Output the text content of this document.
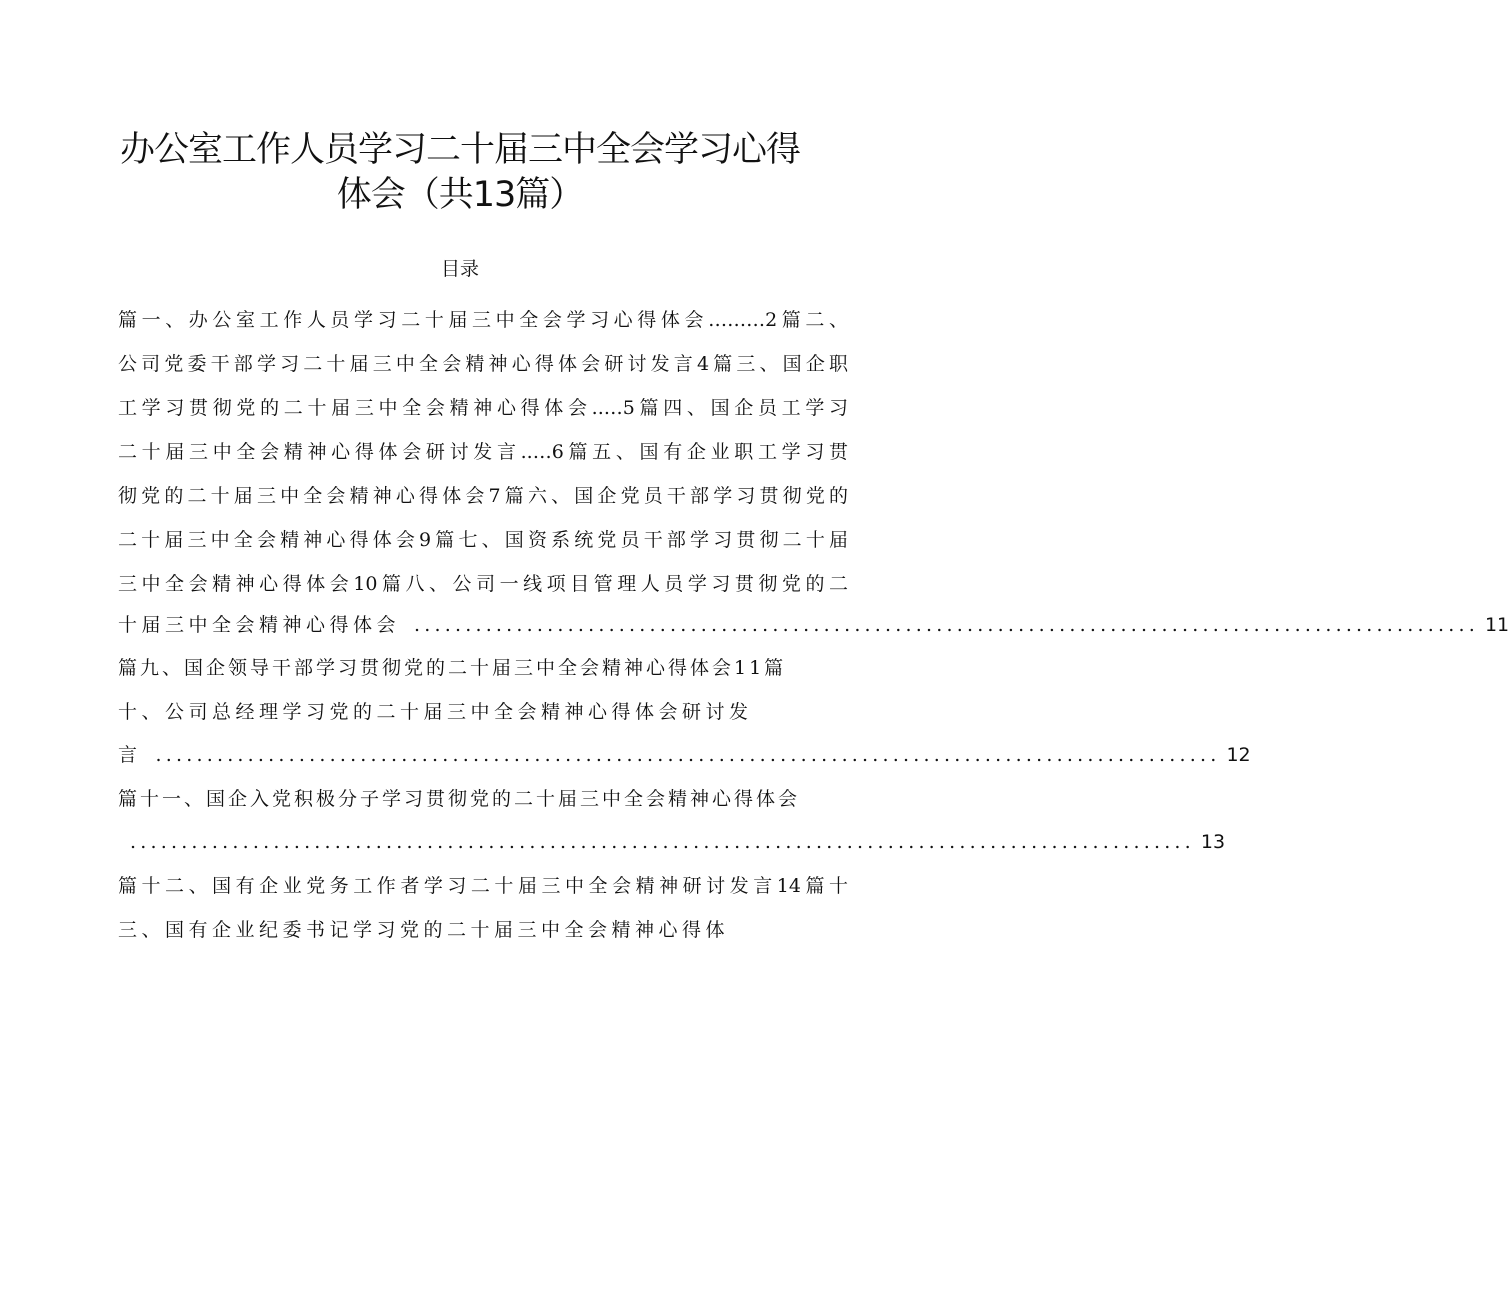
办公室工作人员学习二十届三中全会学习心得
体会（共13篇）
目录
篇一、办公室工作人员学习二十届三中全会学习心得体会………2篇二、
公司党委干部学习二十届三中全会精神心得体会研讨发言4篇三、国企职
工学习贯彻党的二十届三中全会精神心得体会..…5篇四、国企员工学习
二十届三中全会精神心得体会研讨发言..…6篇五、国有企业职工学习贯
彻党的二十届三中全会精神心得体会7篇六、国企党员干部学习贯彻党的
二十届三中全会精神心得体会9篇七、国资系统党员干部学习贯彻二十届
三中全会精神心得体会10篇八、公司一线项目管理人员学习贯彻党的二
十届三中全会精神心得体会 ........................................................................................................ 11
篇九、国企领导干部学习贯彻党的二十届三中全会精神心得体会11篇
十、公司总经理学习党的二十届三中全会精神心得体会研讨发
言 ........................................................................................................ 12
篇十一、国企入党积极分子学习贯彻党的二十届三中全会精神心得体会
........................................................................................................ 13
篇十二、国有企业党务工作者学习二十届三中全会精神研讨发言14篇十
三、国有企业纪委书记学习党的二十届三中全会精神心得体
